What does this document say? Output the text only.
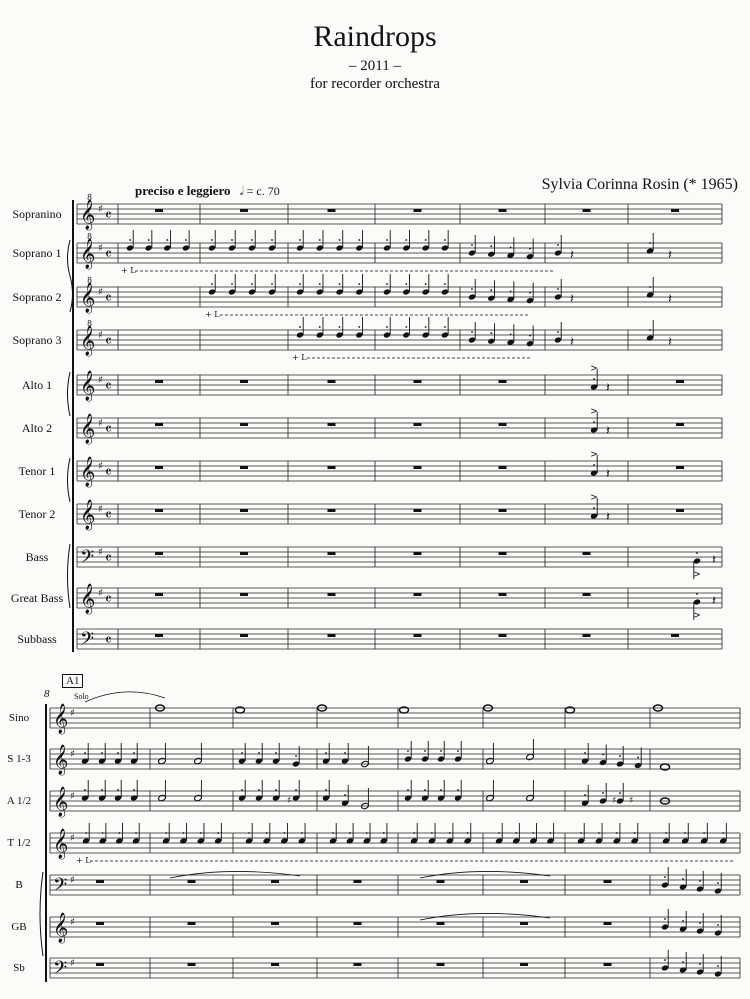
Raindrops
– 2011 –
for recorder orchestra
Sylvia Corinna Rosin (* 1965)
preciso e leggiero 𝅗𝅥 = c. 70
Sopranino
Soprano 1
Soprano 2
Soprano 3
Alto 1
Alto 2
Tenor 1
Tenor 2
Bass
Great Bass
Subbass
Sino
S 1-3
A 1/2
T 1/2
B
GB
Sb
A1
Solo
8
𝄞 ♯ 𝄴
8
𝄞 ♯ 𝄴
8
𝄞 ♯ 𝄴
8
𝄞 ♯ 𝄴
8
𝄞 ♯ 𝄴
𝄞 ♯ 𝄴
𝄞 ♯ 𝄴
𝄞 ♯ 𝄴
𝄢 ♯ 𝄴
𝄞 ♯ 𝄴
𝄢 𝄴
+ L
+ L
+ L
𝄽	𝄽
𝄽	𝄽
𝄽	𝄽
>
𝄽
>
𝄽
>
𝄽
>
𝄽
>
𝄽
>
𝄽
𝄞 ♯
𝄞 ♯
𝄞 ♯
𝄞 ♯
𝄢 ♯
𝄞 ♯
𝄢 ♯
♯	♯ ♯
+ L
